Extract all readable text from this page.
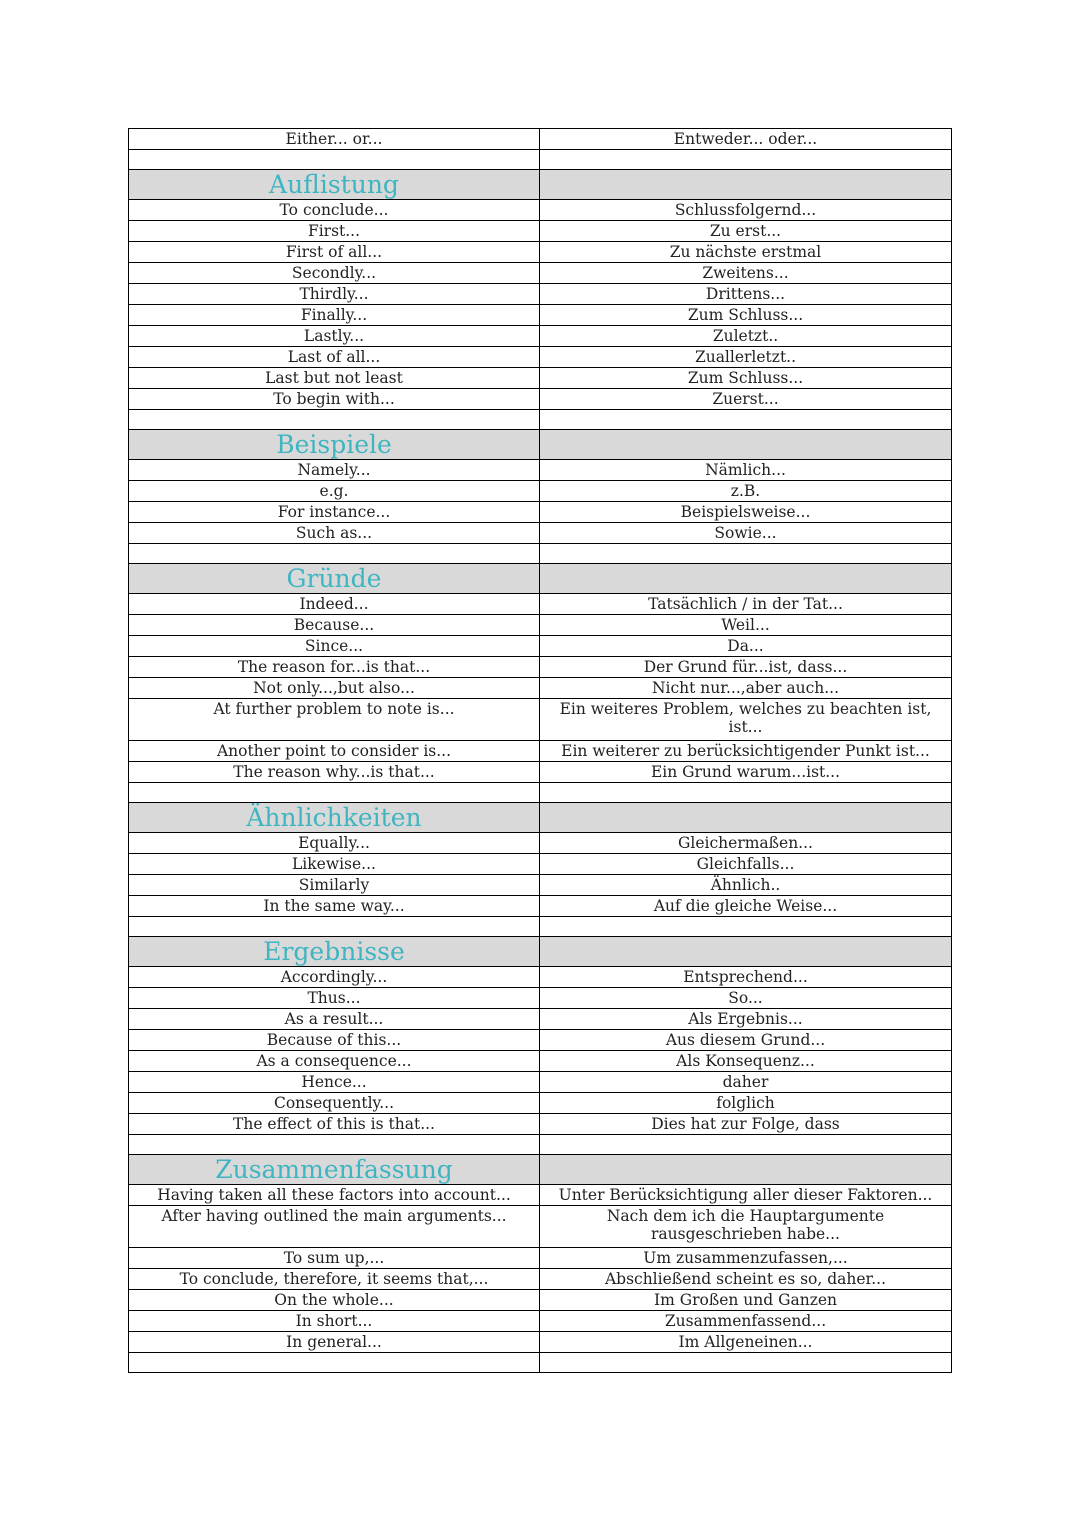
Either... or...	Entweder... oder...

Auflistung	
To conclude...	Schlussfolgernd...
First...	Zu erst...
First of all...	Zu nächste erstmal
Secondly...	Zweitens...
Thirdly...	Drittens...
Finally...	Zum Schluss...
Lastly...	Zuletzt..
Last of all...	Zuallerletzt..
Last but not least	Zum Schluss...
To begin with...	Zuerst...

Beispiele	
Namely...	Nämlich...
e.g.	z.B.
For instance...	Beispielsweise...
Such as...	Sowie...

Gründe	
Indeed...	Tatsächlich / in der Tat...
Because...	Weil...
Since...	Da...
The reason for...is that...	Der Grund für...ist, dass...
Not only...,but also...	Nicht nur...,aber auch...
At further problem to note is...	Ein weiteres Problem, welches zu beachten ist, ist...
Another point to consider is...	Ein weiterer zu berücksichtigender Punkt ist...
The reason why...is that...	Ein Grund warum...ist...

Ähnlichkeiten	
Equally...	Gleichermaßen...
Likewise...	Gleichfalls...
Similarly	Ähnlich..
In the same way...	Auf die gleiche Weise...

Ergebnisse	
Accordingly...	Entsprechend...
Thus...	So...
As a result...	Als Ergebnis...
Because of this...	Aus diesem Grund...
As a consequence...	Als Konsequenz...
Hence...	daher
Consequently...	folglich
The effect of this is that...	Dies hat zur Folge, dass

Zusammenfassung	
Having taken all these factors into account...	Unter Berücksichtigung aller dieser Faktoren...
After having outlined the main arguments...	Nach dem ich die Hauptargumente rausgeschrieben habe...
To sum up,...	Um zusammenzufassen,...
To conclude, therefore, it seems that,...	Abschließend scheint es so, daher...
On the whole...	Im Großen und Ganzen
In short...	Zusammenfassend...
In general...	Im Allgeneinen...
